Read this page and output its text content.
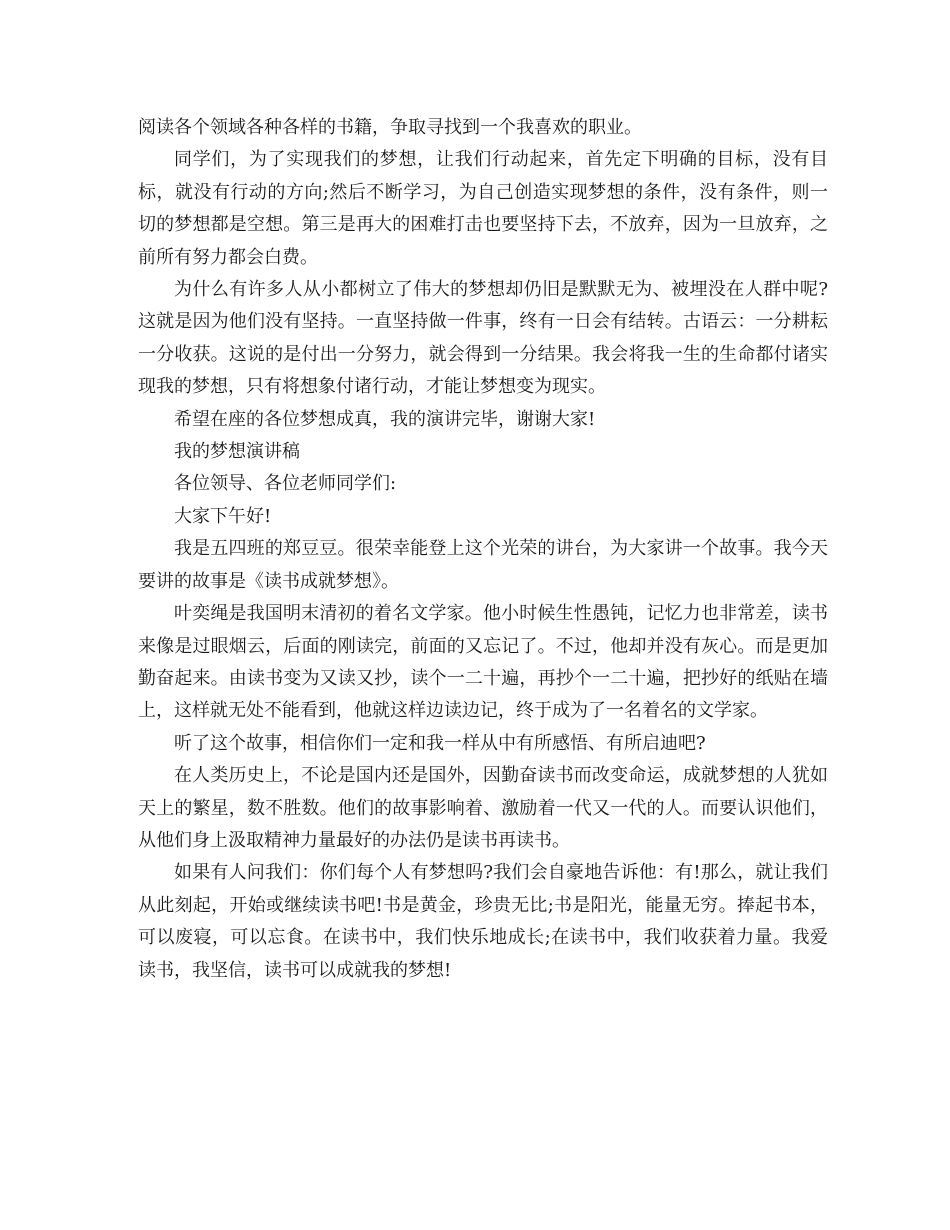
阅读各个领域各种各样的书籍，争取寻找到一个我喜欢的职业。

同学们，为了实现我们的梦想，让我们行动起来，首先定下明确的目标，没有目标，就没有行动的方向;然后不断学习，为自己创造实现梦想的条件，没有条件，则一切的梦想都是空想。第三是再大的困难打击也要坚持下去，不放弃，因为一旦放弃，之前所有努力都会白费。

为什么有许多人从小都树立了伟大的梦想却仍旧是默默无为、被埋没在人群中呢?这就是因为他们没有坚持。一直坚持做一件事，终有一日会有结转。古语云：一分耕耘一分收获。这说的是付出一分努力，就会得到一分结果。我会将我一生的生命都付诸实现我的梦想，只有将想象付诸行动，才能让梦想变为现实。

希望在座的各位梦想成真，我的演讲完毕，谢谢大家!

我的梦想演讲稿

各位领导、各位老师同学们:

大家下午好!

我是五四班的郑豆豆。很荣幸能登上这个光荣的讲台，为大家讲一个故事。我今天要讲的故事是《读书成就梦想》。

叶奕绳是我国明末清初的着名文学家。他小时候生性愚钝，记忆力也非常差，读书来像是过眼烟云，后面的刚读完，前面的又忘记了。不过，他却并没有灰心。而是更加勤奋起来。由读书变为又读又抄，读个一二十遍，再抄个一二十遍，把抄好的纸贴在墙上，这样就无处不能看到，他就这样边读边记，终于成为了一名着名的文学家。

听了这个故事，相信你们一定和我一样从中有所感悟、有所启迪吧?

在人类历史上，不论是国内还是国外，因勤奋读书而改变命运，成就梦想的人犹如天上的繁星，数不胜数。他们的故事影响着、激励着一代又一代的人。而要认识他们，从他们身上汲取精神力量最好的办法仍是读书再读书。

如果有人问我们：你们每个人有梦想吗?我们会自豪地告诉他：有!那么，就让我们从此刻起，开始或继续读书吧!书是黄金，珍贵无比;书是阳光，能量无穷。捧起书本，可以废寝，可以忘食。在读书中，我们快乐地成长;在读书中，我们收获着力量。我爱读书，我坚信，读书可以成就我的梦想!
